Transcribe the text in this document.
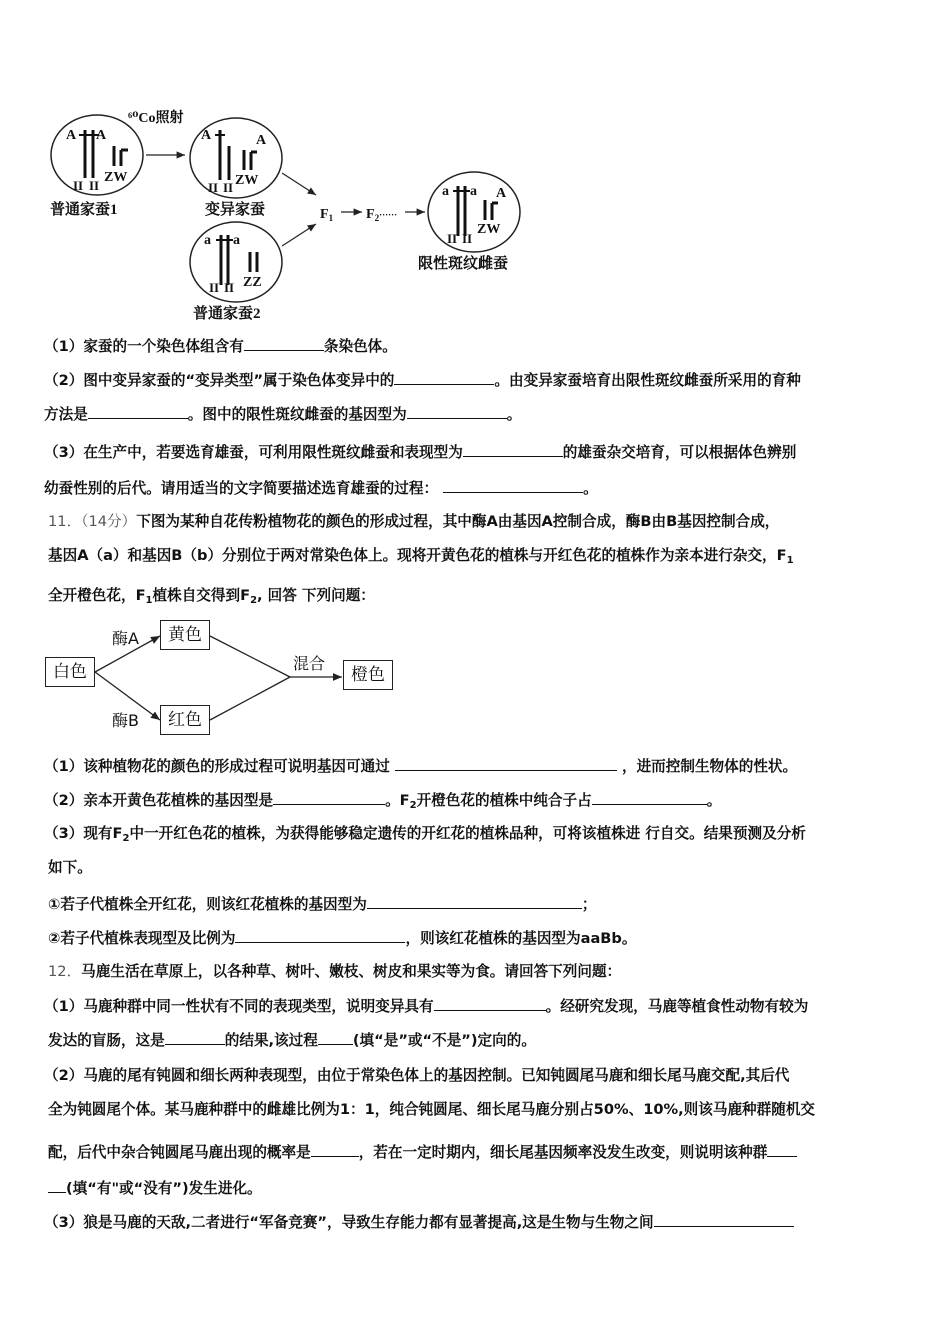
⁶⁰Co照射
A A
ZW
II II
普通家蚕1
A	A
ZW
II II
变异家蚕
a a
ZZ
II II
普通家蚕2
$F_1$ $F_2^{\cdot\cdot\cdot\cdot\cdot\cdot}$
a a A
ZW
II II
限性斑纹雌蚕
（1）家蚕的一个染色体组含有	条染色体。
（2）图中变异家蚕的“变异类型”属于染色体变异中的	。由变异家蚕培育出限性斑纹雌蚕所采用的育种
方法是	。图中的限性斑纹雌蚕的基因型为	。
（3）在生产中，若要选育雄蚕，可利用限性斑纹雌蚕和表现型为	的雄蚕杂交培育，可以根据体色辨别
幼蚕性别的后代。请用适当的文字简要描述选育雄蚕的过程：	。
11．（14分）下图为某种自花传粉植物花的颜色的形成过程，其中酶A由基因A控制合成，酶B由B基因控制合成，
基因A（a）和基因B（b）分别位于两对常染色体上。现将开黄色花的植株与开红色花的植株作为亲本进行杂交，$F_1$
全开橙色花，$F_1$植株自交得到$F_2$, 回答 下列问题：
（1）该种植物花的颜色的形成过程可说明基因可通过	，进而控制生物体的性状。
（2）亲本开黄色花植株的基因型是	。$F_2$开橙色花的植株中纯合子占	。
（3）现有$F_2$中一开红色花的植株，为获得能够稳定遗传的开红花的植株品种，可将该植株进 行自交。结果预测及分析
如下。
①若子代植株全开红花，则该红花植株的基因型为	；
②若子代植株表现型及比例为	，则该红花植株的基因型为aaBb。
12．马鹿生活在草原上，以各种草、树叶、嫩枝、树皮和果实等为食。请回答下列问题：
（1）马鹿种群中同一性状有不同的表现类型，说明变异具有	。经研究发现，马鹿等植食性动物有较为
发达的盲肠，这是	的结果,该过程 (填“是”或“不是”)定向的。
（2）马鹿的尾有钝圆和细长两种表现型，由位于常染色体上的基因控制。已知钝圆尾马鹿和细长尾马鹿交配,其后代
全为钝圆尾个体。某马鹿种群中的雌雄比例为1：1，纯合钝圆尾、细长尾马鹿分别占50%、10%,则该马鹿种群随机交
配，后代中杂合钝圆尾马鹿出现的概率是	，若在一定时期内，细长尾基因频率没发生改变，则说明该种群
(填“有"或“没有”)发生进化。
（3）狼是马鹿的天敌,二者进行“军备竞赛”，导致生存能力都有显著提高,这是生物与生物之间
白色
黄色
红色
橙色
酶A
酶B
混合
